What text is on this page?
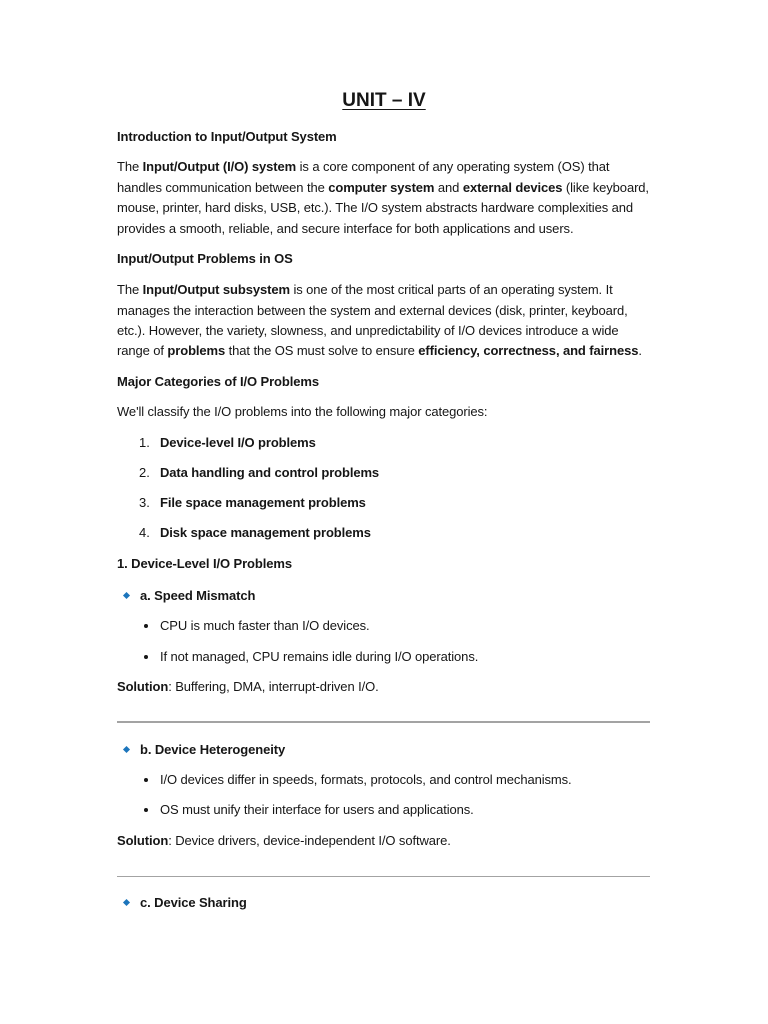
UNIT – IV
Introduction to Input/Output System
The Input/Output (I/O) system is a core component of any operating system (OS) that
handles communication between the computer system and external devices (like keyboard,
mouse, printer, hard disks, USB, etc.). The I/O system abstracts hardware complexities and
provides a smooth, reliable, and secure interface for both applications and users.
Input/Output Problems in OS
The Input/Output subsystem is one of the most critical parts of an operating system. It
manages the interaction between the system and external devices (disk, printer, keyboard,
etc.). However, the variety, slowness, and unpredictability of I/O devices introduce a wide
range of problems that the OS must solve to ensure efficiency, correctness, and fairness.
Major Categories of I/O Problems
We'll classify the I/O problems into the following major categories:
1. Device-level I/O problems
2. Data handling and control problems
3. File space management problems
4. Disk space management problems
1. Device-Level I/O Problems
a. Speed Mismatch
CPU is much faster than I/O devices.
If not managed, CPU remains idle during I/O operations.
Solution: Buffering, DMA, interrupt-driven I/O.
b. Device Heterogeneity
I/O devices differ in speeds, formats, protocols, and control mechanisms.
OS must unify their interface for users and applications.
Solution: Device drivers, device-independent I/O software.
c. Device Sharing
